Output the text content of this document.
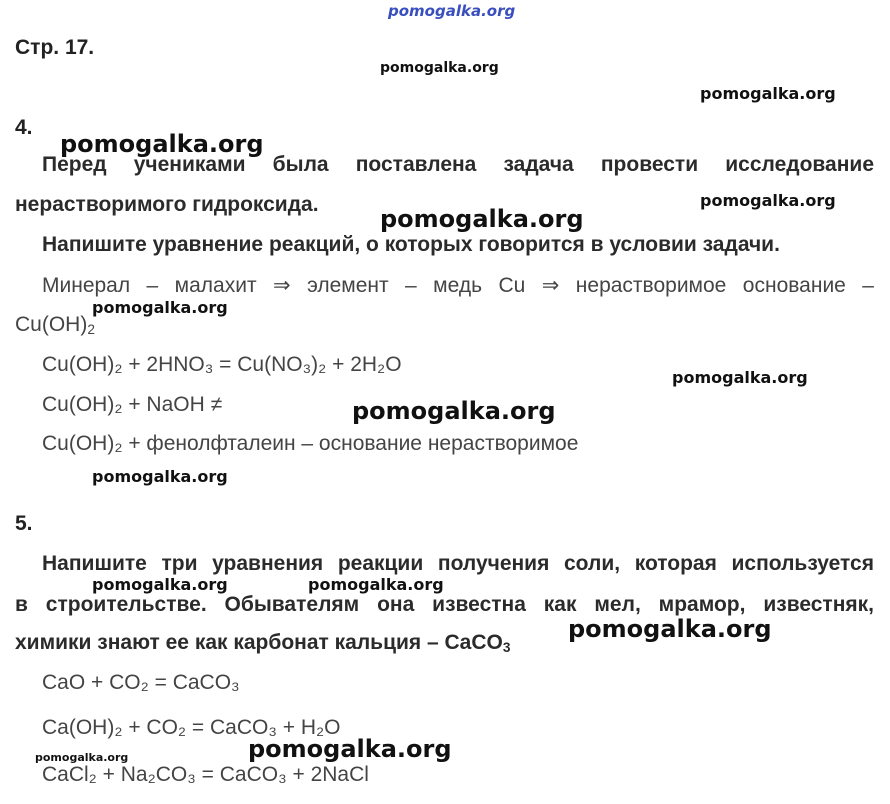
pomogalka.org
Стр. 17.
pomogalka.org
pomogalka.org
4.
pomogalka.org
Перед учениками была поставлена задача провести исследование
нерастворимого гидроксида.	pomogalka.org
pomogalka.org
Напишите уравнение реакций, о которых говорится в условии задачи.
Минерал – малахит ⇒ элемент – медь Cu ⇒ нерастворимое основание –
pomogalka.org
$Cu(OH)_2$
Cu(OH)₂ + 2HNO₃ = Cu(NO₃)₂ + 2H₂O
pomogalka.org
Cu(OH)₂ + NaOH ≠	pomogalka.org
Cu(OH)₂ + фенолфталеин – основание нерастворимое
pomogalka.org
5.
Напишите три уравнения реакции получения соли, которая используется
pomogalka.org	pomogalka.org
в строительстве. Обывателям она известна как мел, мрамор, известняк,
химики знают ее как карбонат кальция – CaCO$_3$
pomogalka.org
CaO + CO₂ = CaCO₃
Ca(OH)₂ + CO₂ = CaCO₃ + H₂O
pomogalka.org
pomogalka.org
CaCl₂ + Na₂CO₃ = CaCO₃ + 2NaCl
